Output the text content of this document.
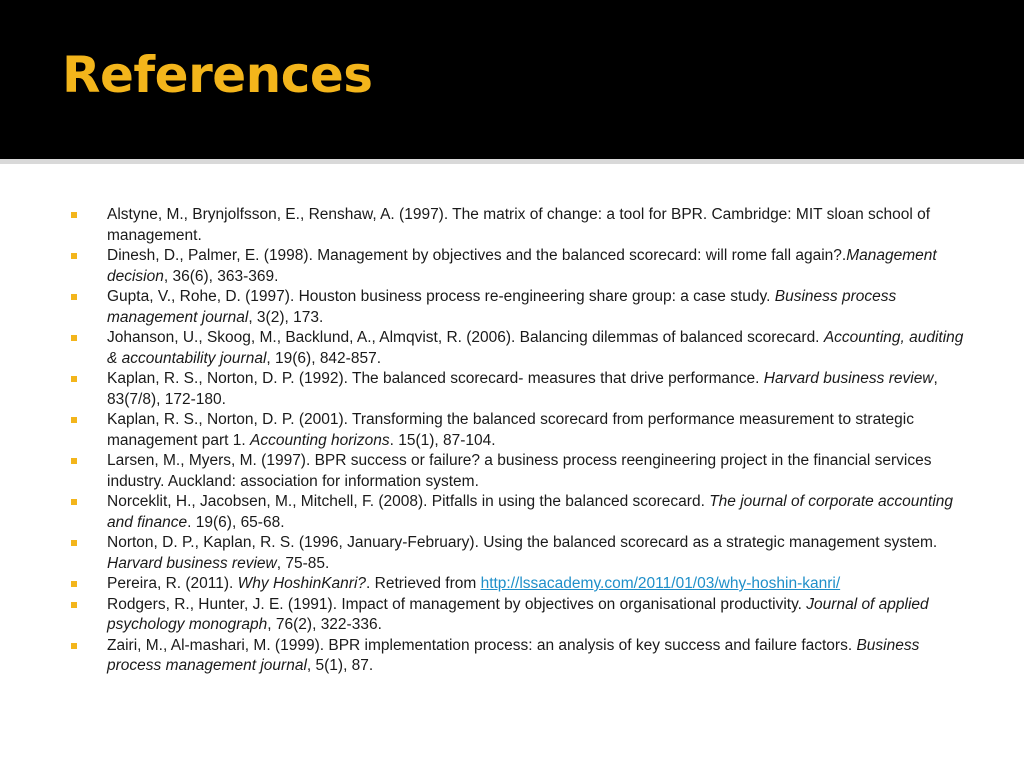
References
Alstyne, M., Brynjolfsson, E., Renshaw, A. (1997). The matrix of change: a tool for BPR. Cambridge: MIT sloan school of management.
Dinesh, D., Palmer, E. (1998). Management by objectives and the balanced scorecard: will rome fall again?.Management decision, 36(6), 363-369.
Gupta, V., Rohe, D. (1997). Houston business process re-engineering share group: a case study. Business process management journal, 3(2), 173.
Johanson, U., Skoog, M., Backlund, A., Almqvist, R. (2006). Balancing dilemmas of balanced scorecard. Accounting, auditing & accountability journal, 19(6), 842-857.
Kaplan, R. S., Norton, D. P. (1992). The balanced scorecard- measures that drive performance. Harvard business review, 83(7/8), 172-180.
Kaplan, R. S., Norton, D. P. (2001). Transforming the balanced scorecard from performance measurement to strategic management part 1. Accounting horizons. 15(1), 87-104.
Larsen, M., Myers, M. (1997). BPR success or failure? a business process reengineering project in the financial services industry. Auckland: association for information system.
Norceklit, H., Jacobsen, M., Mitchell, F. (2008). Pitfalls in using the balanced scorecard. The journal of corporate accounting and finance. 19(6), 65-68.
Norton, D. P., Kaplan, R. S. (1996, January-February). Using the balanced scorecard as a strategic management system. Harvard business review, 75-85.
Pereira, R. (2011). Why HoshinKanri?. Retrieved from http://lssacademy.com/2011/01/03/why-hoshin-kanri/
Rodgers, R., Hunter, J. E. (1991). Impact of management by objectives on organisational productivity. Journal of applied psychology monograph, 76(2), 322-336.
Zairi, M., Al-mashari, M. (1999). BPR implementation process: an analysis of key success and failure factors. Business process management journal, 5(1), 87.
